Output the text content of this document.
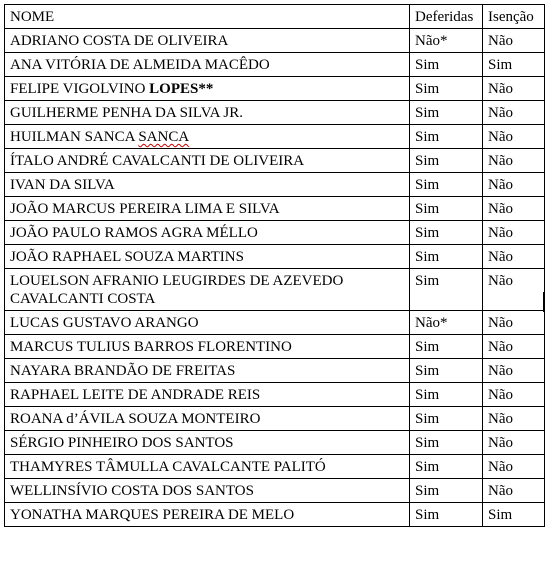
NOME	Deferidas	Isenção
ADRIANO COSTA DE OLIVEIRA	Não*	Não
ANA VITÓRIA DE ALMEIDA MACÊDO	Sim	Sim
FELIPE VIGOLVINO LOPES**	Sim	Não
GUILHERME PENHA DA SILVA JR.	Sim	Não
HUILMAN SANCA SANCA	Sim	Não
ÍTALO ANDRÉ CAVALCANTI DE OLIVEIRA	Sim	Não
IVAN DA SILVA	Sim	Não
JOÃO MARCUS PEREIRA LIMA E SILVA	Sim	Não
JOÃO PAULO RAMOS AGRA MÉLLO	Sim	Não
JOÃO RAPHAEL SOUZA MARTINS	Sim	Não
LOUELSON AFRANIO LEUGIRDES DE AZEVEDO CAVALCANTI COSTA	Sim	Não
LUCAS GUSTAVO ARANGO	Não*	Não
MARCUS TULIUS BARROS FLORENTINO	Sim	Não
NAYARA BRANDÃO DE FREITAS	Sim	Não
RAPHAEL LEITE DE ANDRADE REIS	Sim	Não
ROANA d’ÁVILA SOUZA MONTEIRO	Sim	Não
SÉRGIO PINHEIRO DOS SANTOS	Sim	Não
THAMYRES TÂMULLA CAVALCANTE PALITÓ	Sim	Não
WELLINSÍVIO COSTA DOS SANTOS	Sim	Não
YONATHA MARQUES PEREIRA DE MELO	Sim	Sim
